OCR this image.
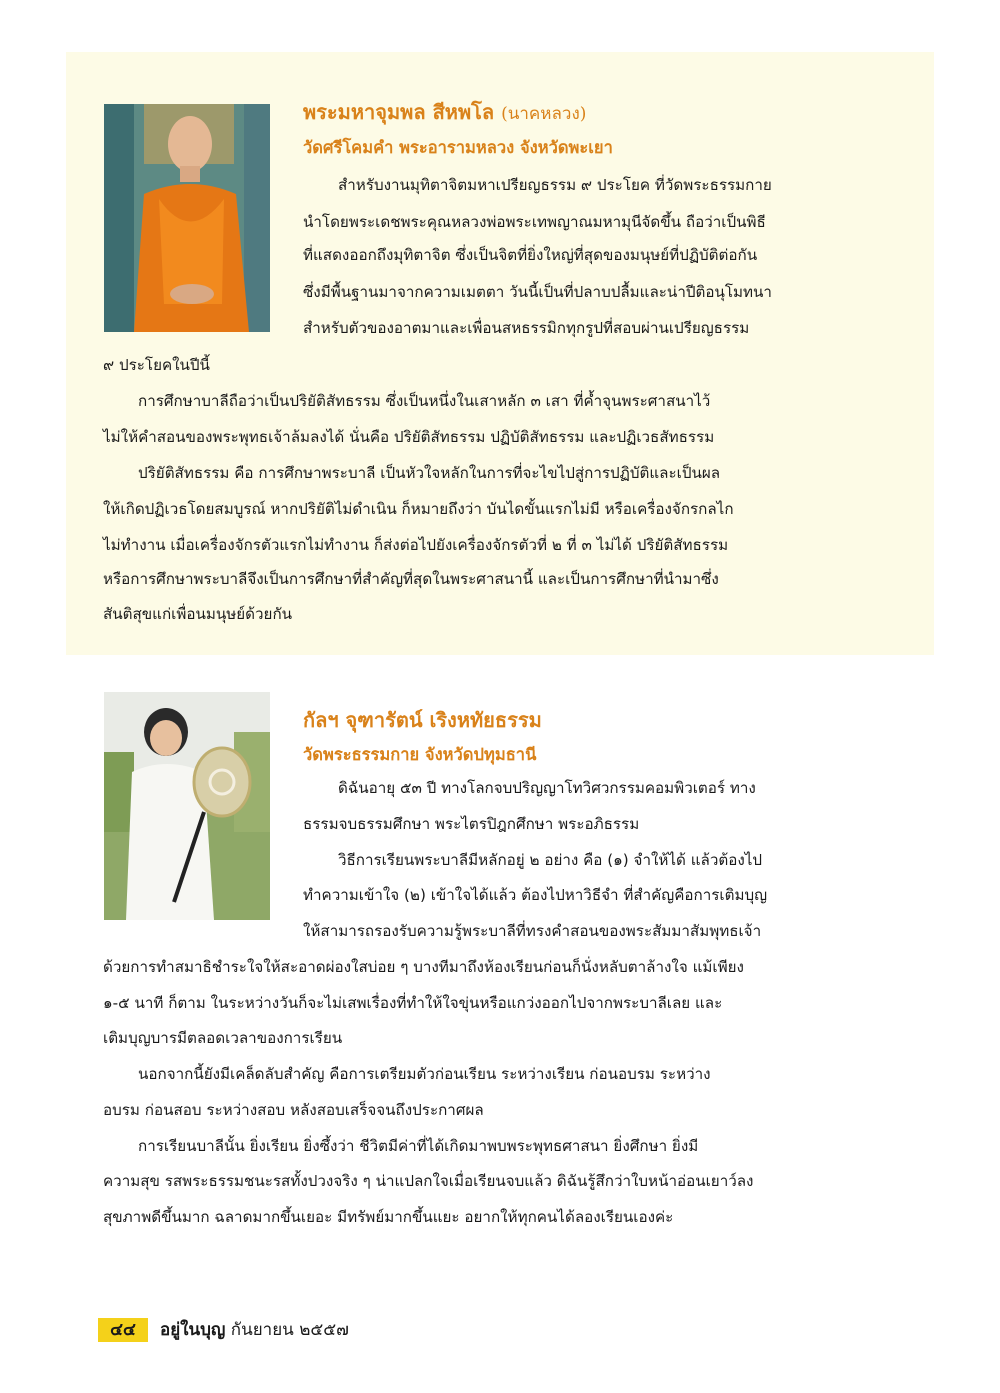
พระมหาจุมพล สีหพโล (นาคหลวง)
วัดศรีโคมคำ พระอารามหลวง จังหวัดพะเยา
สำหรับงานมุทิตาจิตมหาเปรียญธรรม ๙ ประโยค ที่วัดพระธรรมกาย
นำโดยพระเดชพระคุณหลวงพ่อพระเทพญาณมหามุนีจัดขึ้น ถือว่าเป็นพิธี
ที่แสดงออกถึงมุทิตาจิต ซึ่งเป็นจิตที่ยิ่งใหญ่ที่สุดของมนุษย์ที่ปฏิบัติต่อกัน
ซึ่งมีพื้นฐานมาจากความเมตตา วันนี้เป็นที่ปลาบปลื้มและน่าปีติอนุโมทนา
สำหรับตัวของอาตมาและเพื่อนสหธรรมิกทุกรูปที่สอบผ่านเปรียญธรรม
๙ ประโยคในปีนี้
การศึกษาบาลีถือว่าเป็นปริยัติสัทธรรม ซึ่งเป็นหนึ่งในเสาหลัก ๓ เสา ที่ค้ำจุนพระศาสนาไว้
ไม่ให้คำสอนของพระพุทธเจ้าล้มลงได้ นั่นคือ ปริยัติสัทธรรม ปฏิบัติสัทธรรม และปฏิเวธสัทธรรม
ปริยัติสัทธรรม คือ การศึกษาพระบาลี เป็นหัวใจหลักในการที่จะไขไปสู่การปฏิบัติและเป็นผล
ให้เกิดปฏิเวธโดยสมบูรณ์ หากปริยัติไม่ดำเนิน ก็หมายถึงว่า บันไดขั้นแรกไม่มี หรือเครื่องจักรกลไก
ไม่ทำงาน เมื่อเครื่องจักรตัวแรกไม่ทำงาน ก็ส่งต่อไปยังเครื่องจักรตัวที่ ๒ ที่ ๓ ไม่ได้ ปริยัติสัทธรรม
หรือการศึกษาพระบาลีจึงเป็นการศึกษาที่สำคัญที่สุดในพระศาสนานี้ และเป็นการศึกษาที่นำมาซึ่ง
สันติสุขแก่เพื่อนมนุษย์ด้วยกัน
กัลฯ จุฑารัตน์ เริงหทัยธรรม
วัดพระธรรมกาย จังหวัดปทุมธานี
ดิฉันอายุ ๕๓ ปี ทางโลกจบปริญญาโทวิศวกรรมคอมพิวเตอร์ ทาง
ธรรมจบธรรมศึกษา พระไตรปิฎกศึกษา พระอภิธรรม
วิธีการเรียนพระบาลีมีหลักอยู่ ๒ อย่าง คือ (๑) จำให้ได้ แล้วต้องไป
ทำความเข้าใจ (๒) เข้าใจได้แล้ว ต้องไปหาวิธีจำ ที่สำคัญคือการเติมบุญ
ให้สามารถรองรับความรู้พระบาลีที่ทรงคำสอนของพระสัมมาสัมพุทธเจ้า
ด้วยการทำสมาธิชำระใจให้สะอาดผ่องใสบ่อย ๆ บางทีมาถึงห้องเรียนก่อนก็นั่งหลับตาล้างใจ แม้เพียง
๑-๕ นาที ก็ตาม ในระหว่างวันก็จะไม่เสพเรื่องที่ทำให้ใจขุ่นหรือแกว่งออกไปจากพระบาลีเลย และ
เติมบุญบารมีตลอดเวลาของการเรียน
นอกจากนี้ยังมีเคล็ดลับสำคัญ คือการเตรียมตัวก่อนเรียน ระหว่างเรียน ก่อนอบรม ระหว่าง
อบรม ก่อนสอบ ระหว่างสอบ หลังสอบเสร็จจนถึงประกาศผล
การเรียนบาลีนั้น ยิ่งเรียน ยิ่งซึ้งว่า ชีวิตมีค่าที่ได้เกิดมาพบพระพุทธศาสนา ยิ่งศึกษา ยิ่งมี
ความสุข รสพระธรรมชนะรสทั้งปวงจริง ๆ น่าแปลกใจเมื่อเรียนจบแล้ว ดิฉันรู้สึกว่าใบหน้าอ่อนเยาว์ลง
สุขภาพดีขึ้นมาก ฉลาดมากขึ้นเยอะ มีทรัพย์มากขึ้นแยะ อยากให้ทุกคนได้ลองเรียนเองค่ะ
๔๔	อยู่ในบุญ กันยายน ๒๕๕๗
